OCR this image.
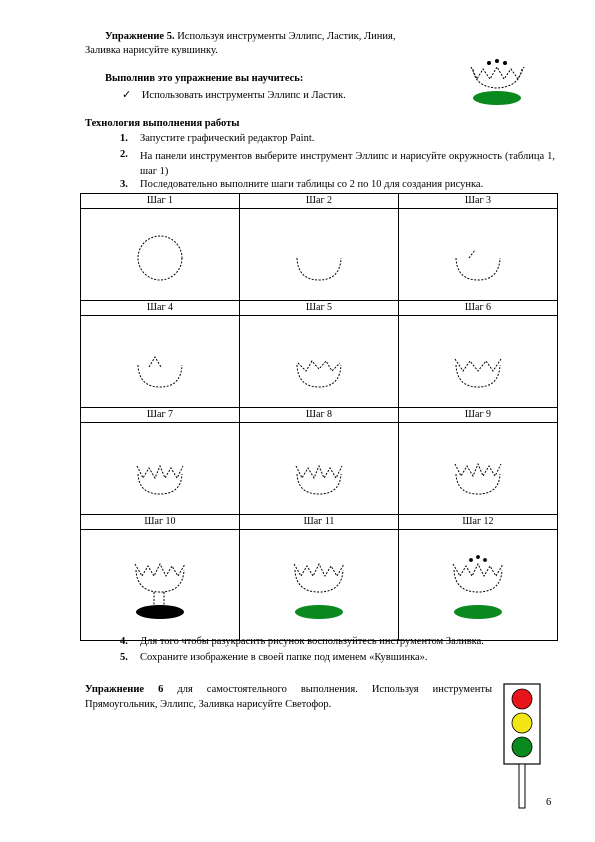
Упражнение 5. Используя инструменты Эллипс, Ластик, Линия,
Заливка нарисуйте кувшинку.
Выполнив это упражнение вы научитесь:
✓ Использовать инструменты Эллипс и Ластик.
Технология выполнения работы
1. Запустите графический редактор Paint.
2. На панели инструментов выберите инструмент Эллипс и нарисуйте окружность (таблица 1, шаг 1)
3. Последовательно выполните шаги таблицы со 2 по 10 для создания рисунка.
Шаг 1	Шаг 2	Шаг 3

Шаг 4	Шаг 5	Шаг 6

Шаг 7	Шаг 8	Шаг 9

Шаг 10	Шаг 11	Шаг 12

4. Для того чтобы разукрасить рисунок воспользуйтесь инструментом Заливка.
5. Сохраните изображение в своей папке под именем «Кувшинка».
Упражнение 6 для самостоятельного выполнения. Используя инструменты Прямоугольник, Эллипс, Заливка нарисуйте Светофор.
6
